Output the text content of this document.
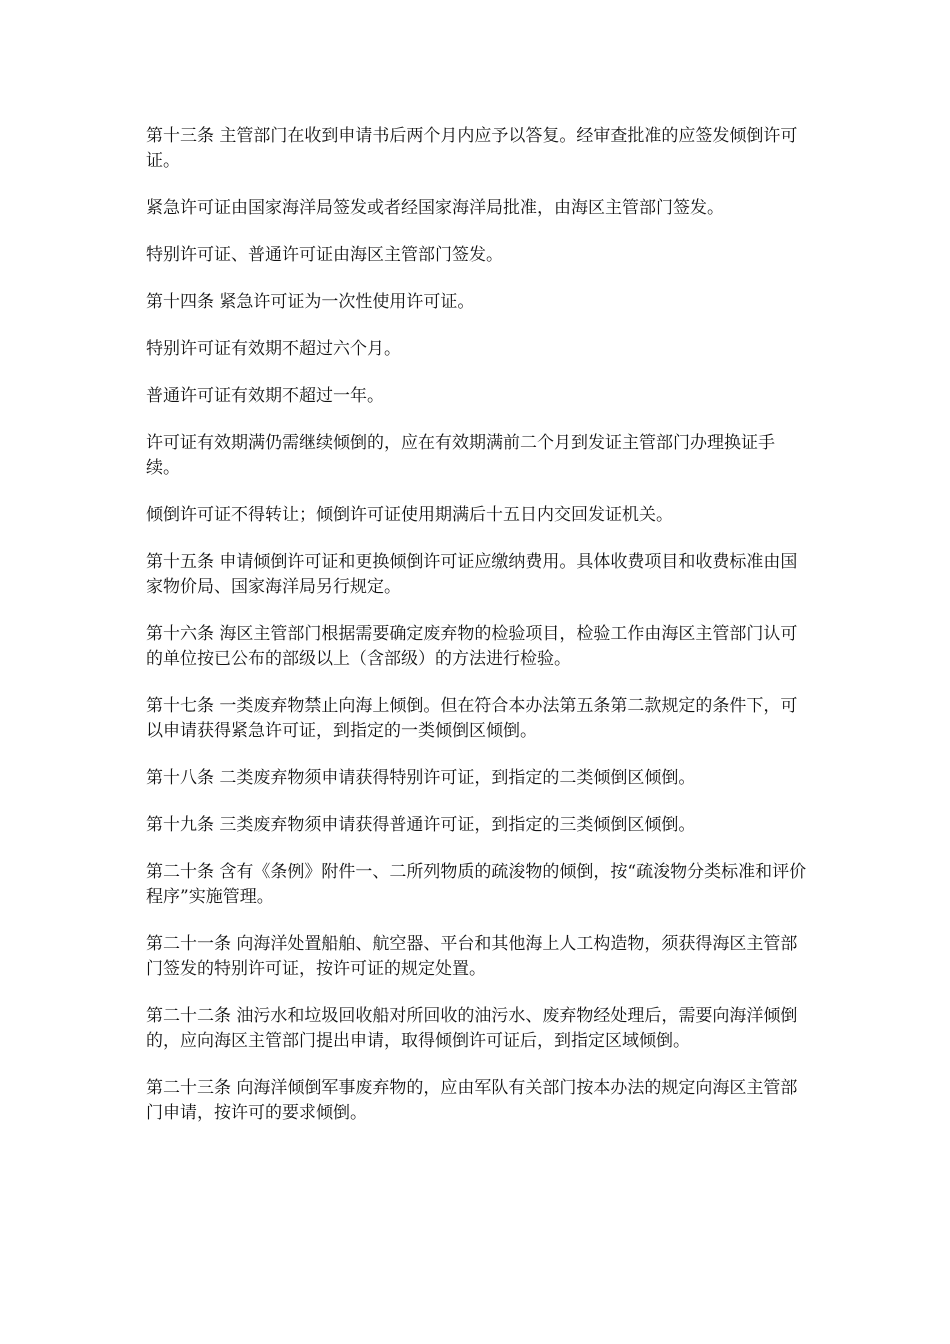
第十三条 主管部门在收到申请书后两个月内应予以答复。经审查批准的应签发倾倒许可证。

紧急许可证由国家海洋局签发或者经国家海洋局批准，由海区主管部门签发。

特别许可证、普通许可证由海区主管部门签发。

第十四条 紧急许可证为一次性使用许可证。

特别许可证有效期不超过六个月。

普通许可证有效期不超过一年。

许可证有效期满仍需继续倾倒的，应在有效期满前二个月到发证主管部门办理换证手续。

倾倒许可证不得转让；倾倒许可证使用期满后十五日内交回发证机关。

第十五条 申请倾倒许可证和更换倾倒许可证应缴纳费用。具体收费项目和收费标准由国家物价局、国家海洋局另行规定。

第十六条 海区主管部门根据需要确定废弃物的检验项目，检验工作由海区主管部门认可的单位按已公布的部级以上（含部级）的方法进行检验。

第十七条 一类废弃物禁止向海上倾倒。但在符合本办法第五条第二款规定的条件下，可以申请获得紧急许可证，到指定的一类倾倒区倾倒。

第十八条 二类废弃物须申请获得特别许可证，到指定的二类倾倒区倾倒。

第十九条 三类废弃物须申请获得普通许可证，到指定的三类倾倒区倾倒。

第二十条 含有《条例》附件一、二所列物质的疏浚物的倾倒，按“疏浚物分类标准和评价程序”实施管理。

第二十一条 向海洋处置船舶、航空器、平台和其他海上人工构造物，须获得海区主管部门签发的特别许可证，按许可证的规定处置。

第二十二条 油污水和垃圾回收船对所回收的油污水、废弃物经处理后，需要向海洋倾倒的，应向海区主管部门提出申请，取得倾倒许可证后，到指定区域倾倒。

第二十三条 向海洋倾倒军事废弃物的，应由军队有关部门按本办法的规定向海区主管部门申请，按许可的要求倾倒。
